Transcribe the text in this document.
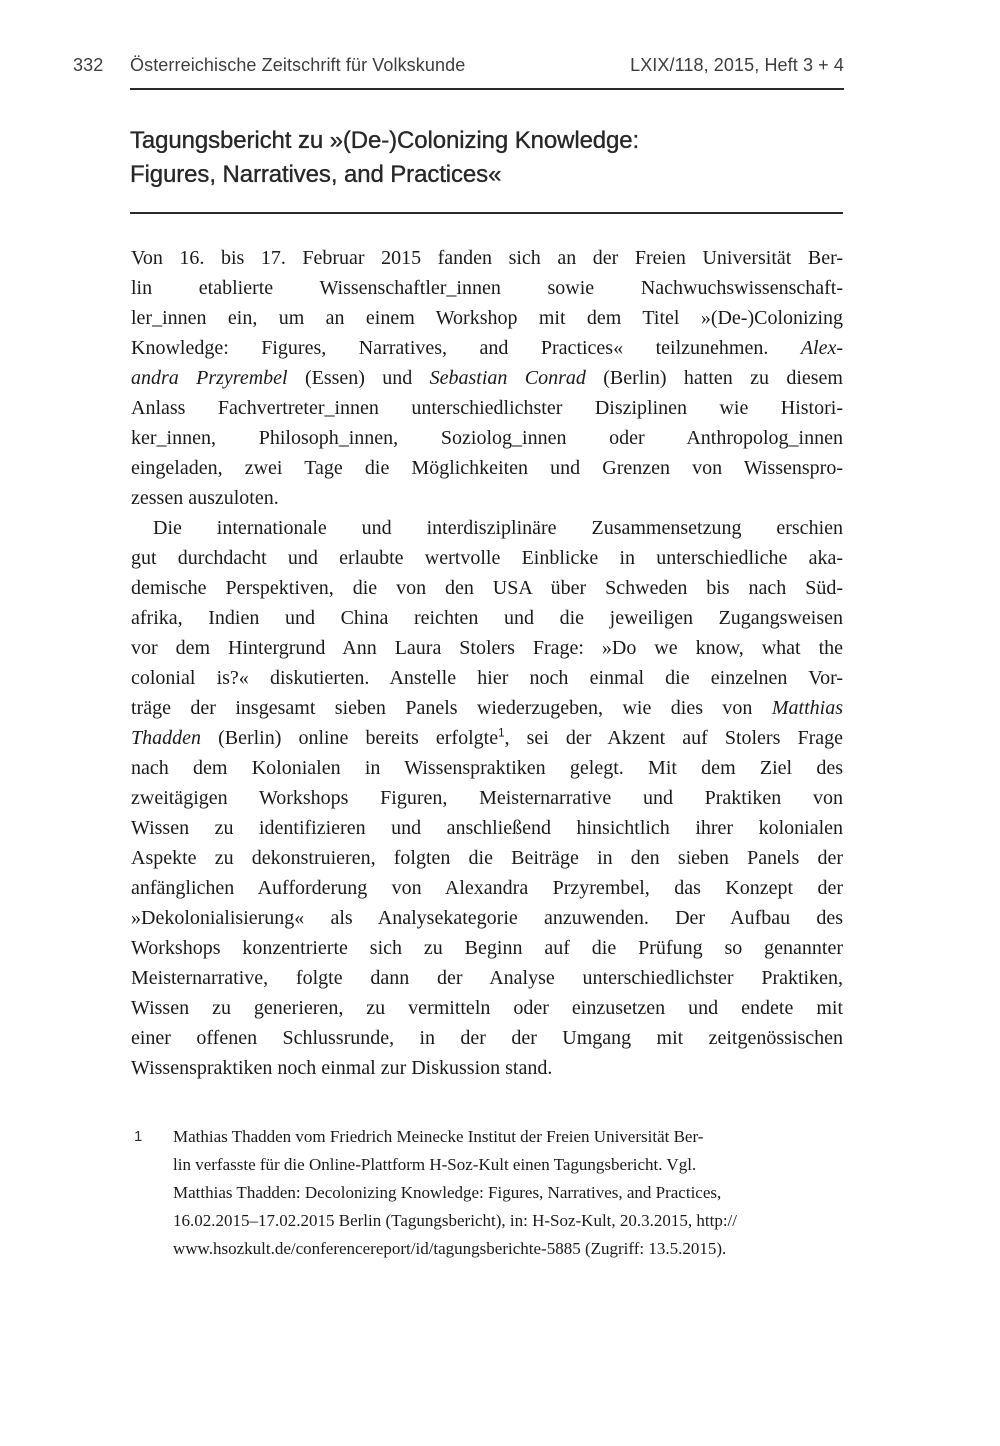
332	Österreichische Zeitschrift für Volkskunde	LXIX/118, 2015, Heft 3 + 4
Tagungsbericht zu »(De-)Colonizing Knowledge:
Figures, Narratives, and Practices«
Von 16. bis 17. Februar 2015 fanden sich an der Freien Universität Ber-
lin etablierte Wissenschaftler_innen sowie Nachwuchswissenschaft-
ler_innen ein, um an einem Workshop mit dem Titel »(De-)Colonizing
Knowledge: Figures, Narratives, and Practices« teilzunehmen. Alex-
andra Przyrembel (Essen) und Sebastian Conrad (Berlin) hatten zu diesem
Anlass Fachvertreter_innen unterschiedlichster Disziplinen wie Histori-
ker_innen, Philosoph_innen, Soziolog_innen oder Anthropolog_innen
eingeladen, zwei Tage die Möglichkeiten und Grenzen von Wissenspro-
zessen auszuloten.
Die internationale und interdisziplinäre Zusammensetzung erschien
gut durchdacht und erlaubte wertvolle Einblicke in unterschiedliche aka-
demische Perspektiven, die von den USA über Schweden bis nach Süd-
afrika, Indien und China reichten und die jeweiligen Zugangsweisen
vor dem Hintergrund Ann Laura Stolers Frage: »Do we know, what the
colonial is?« diskutierten. Anstelle hier noch einmal die einzelnen Vor-
träge der insgesamt sieben Panels wiederzugeben, wie dies von Matthias
Thadden (Berlin) online bereits erfolgte$^1$, sei der Akzent auf Stolers Frage
nach dem Kolonialen in Wissenspraktiken gelegt. Mit dem Ziel des
zweitägigen Workshops Figuren, Meisternarrative und Praktiken von
Wissen zu identifizieren und anschließend hinsichtlich ihrer kolonialen
Aspekte zu dekonstruieren, folgten die Beiträge in den sieben Panels der
anfänglichen Aufforderung von Alexandra Przyrembel, das Konzept der
»Dekolonialisierung« als Analysekategorie anzuwenden. Der Aufbau des
Workshops konzentrierte sich zu Beginn auf die Prüfung so genannter
Meisternarrative, folgte dann der Analyse unterschiedlichster Praktiken,
Wissen zu generieren, zu vermitteln oder einzusetzen und endete mit
einer offenen Schlussrunde, in der der Umgang mit zeitgenössischen
Wissenspraktiken noch einmal zur Diskussion stand.
1 Mathias Thadden vom Friedrich Meinecke Institut der Freien Universität Ber-
lin verfasste für die Online-Plattform H-Soz-Kult einen Tagungsbericht. Vgl.
Matthias Thadden: Decolonizing Knowledge: Figures, Narratives, and Practices,
16.02.2015–17.02.2015 Berlin (Tagungsbericht), in: H-Soz-Kult, 20.3.2015, http://
www.hsozkult.de/conferencereport/id/tagungsberichte-5885 (Zugriff: 13.5.2015).
